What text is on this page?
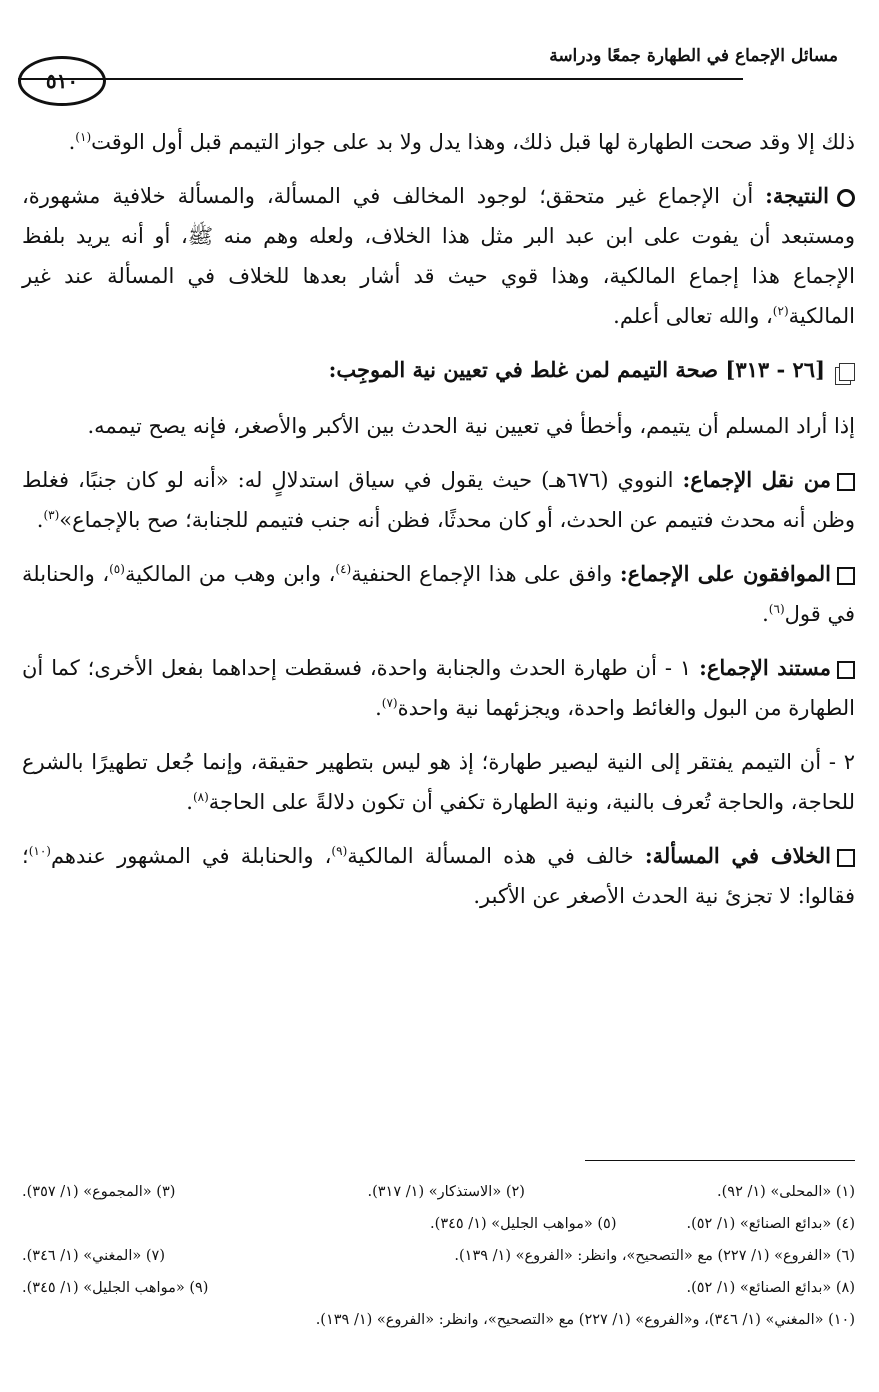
مسائل الإجماع في الطهارة جمعًا ودراسة
٥١٠

ذلك إلا وقد صحت الطهارة لها قبل ذلك، وهذا يدل ولا بد على جواز التيمم قبل أول الوقت$^{(١)}$.

النتيجة: أن الإجماع غير متحقق؛ لوجود المخالف في المسألة، والمسألة خلافية مشهورة، ومستبعد أن يفوت على ابن عبد البر مثل هذا الخلاف، ولعله وهم منه ﷺ، أو أنه يريد بلفظ الإجماع هذا إجماع المالكية، وهذا قوي حيث قد أشار بعدها للخلاف في المسألة عند غير المالكية$^{(٢)}$، والله تعالى أعلم.

[٢٦ - ٣١٣] صحة التيمم لمن غلط في تعيين نية الموجِب:

إذا أراد المسلم أن يتيمم، وأخطأ في تعيين نية الحدث بين الأكبر والأصغر، فإنه يصح تيممه.

من نقل الإجماع: النووي (٦٧٦هـ) حيث يقول في سياق استدلالٍ له: «أنه لو كان جنبًا، فغلط وظن أنه محدث فتيمم عن الحدث، أو كان محدثًا، فظن أنه جنب فتيمم للجنابة؛ صح بالإجماع»$^{(٣)}$.

الموافقون على الإجماع: وافق على هذا الإجماع الحنفية$^{(٤)}$، وابن وهب من المالكية$^{(٥)}$، والحنابلة في قول$^{(٦)}$.

مستند الإجماع: ١ - أن طهارة الحدث والجنابة واحدة، فسقطت إحداهما بفعل الأخرى؛ كما أن الطهارة من البول والغائط واحدة، ويجزئهما نية واحدة$^{(٧)}$.

٢ - أن التيمم يفتقر إلى النية ليصير طهارة؛ إذ هو ليس بتطهير حقيقة، وإنما جُعل تطهيرًا بالشرع للحاجة، والحاجة تُعرف بالنية، ونية الطهارة تكفي أن تكون دلالةً على الحاجة$^{(٨)}$.

الخلاف في المسألة: خالف في هذه المسألة المالكية$^{(٩)}$، والحنابلة في المشهور عندهم$^{(١٠)}$؛ فقالوا: لا تجزئ نية الحدث الأصغر عن الأكبر.

(١) «المحلى» (١/ ٩٢).
(٢) «الاستذكار» (١/ ٣١٧).
(٣) «المجموع» (١/ ٣٥٧).
(٤) «بدائع الصنائع» (١/ ٥٢).
(٥) «مواهب الجليل» (١/ ٣٤٥).
(٦) «الفروع» (١/ ٢٢٧) مع «التصحيح»، وانظر: «الفروع» (١/ ١٣٩).
(٧) «المغني» (١/ ٣٤٦).
(٨) «بدائع الصنائع» (١/ ٥٢).
(٩) «مواهب الجليل» (١/ ٣٤٥).
(١٠) «المغني» (١/ ٣٤٦)، و«الفروع» (١/ ٢٢٧) مع «التصحيح»، وانظر: «الفروع» (١/ ١٣٩).
